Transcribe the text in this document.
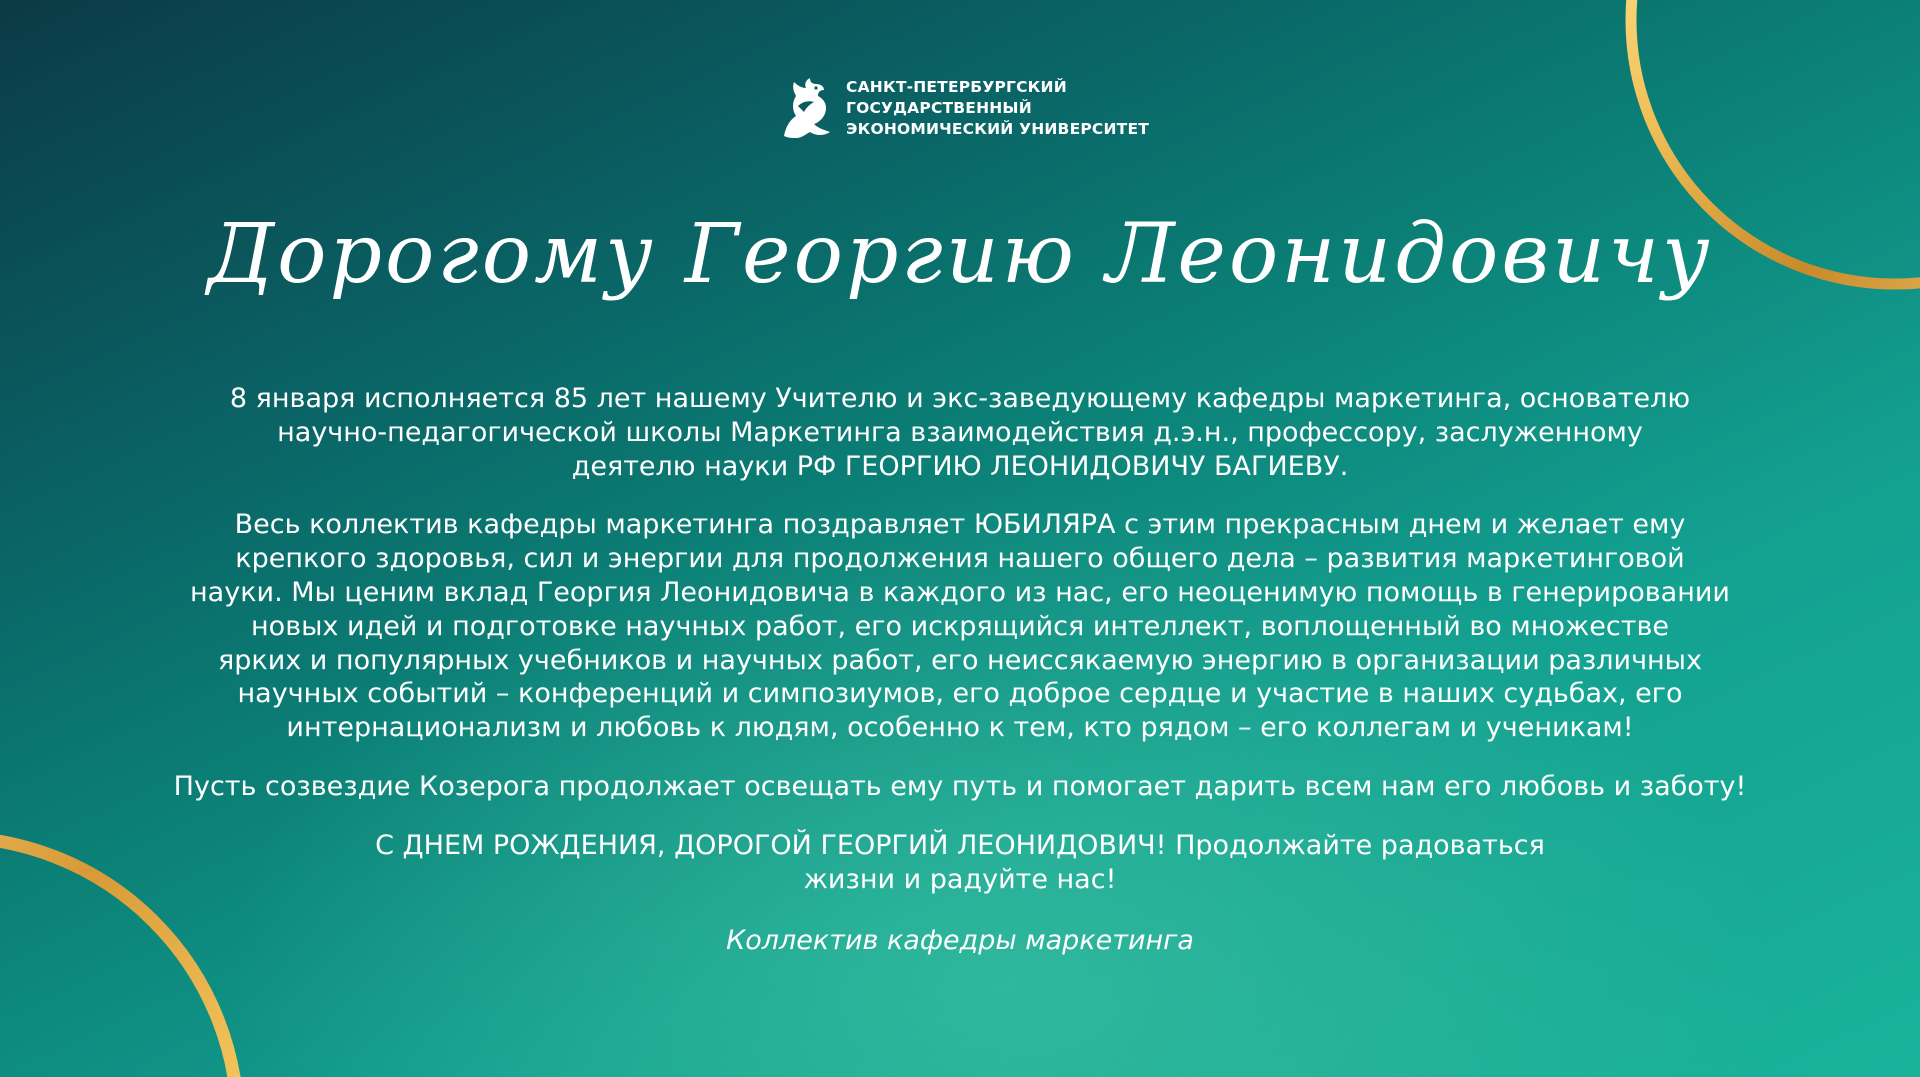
САНКТ-ПЕТЕРБУРГСКИЙ
ГОСУДАРСТВЕННЫЙ
ЭКОНОМИЧЕСКИЙ УНИВЕРСИТЕТ
Дорогому Георгию Леонидовичу

8 января исполняется 85 лет нашему Учителю и экс-заведующему кафедры маркетинга, основателю
научно-педагогической школы Маркетинга взаимодействия д.э.н., профессору, заслуженному
деятелю науки РФ ГЕОРГИЮ ЛЕОНИДОВИЧУ БАГИЕВУ.

Весь коллектив кафедры маркетинга поздравляет ЮБИЛЯРА с этим прекрасным днем и желает ему
крепкого здоровья, сил и энергии для продолжения нашего общего дела – развития маркетинговой
науки. Мы ценим вклад Георгия Леонидовича в каждого из нас, его неоценимую помощь в генерировании
новых идей и подготовке научных работ, его искрящийся интеллект, воплощенный во множестве
ярких и популярных учебников и научных работ, его неиссякаемую энергию в организации различных
научных событий – конференций и симпозиумов, его доброе сердце и участие в наших судьбах, его
интернационализм и любовь к людям, особенно к тем, кто рядом – его коллегам и ученикам!

Пусть созвездие Козерога продолжает освещать ему путь и помогает дарить всем нам его любовь и заботу!

С ДНЕМ РОЖДЕНИЯ, ДОРОГОЙ ГЕОРГИЙ ЛЕОНИДОВИЧ! Продолжайте радоваться
жизни и радуйте нас!

Коллектив кафедры маркетинга
